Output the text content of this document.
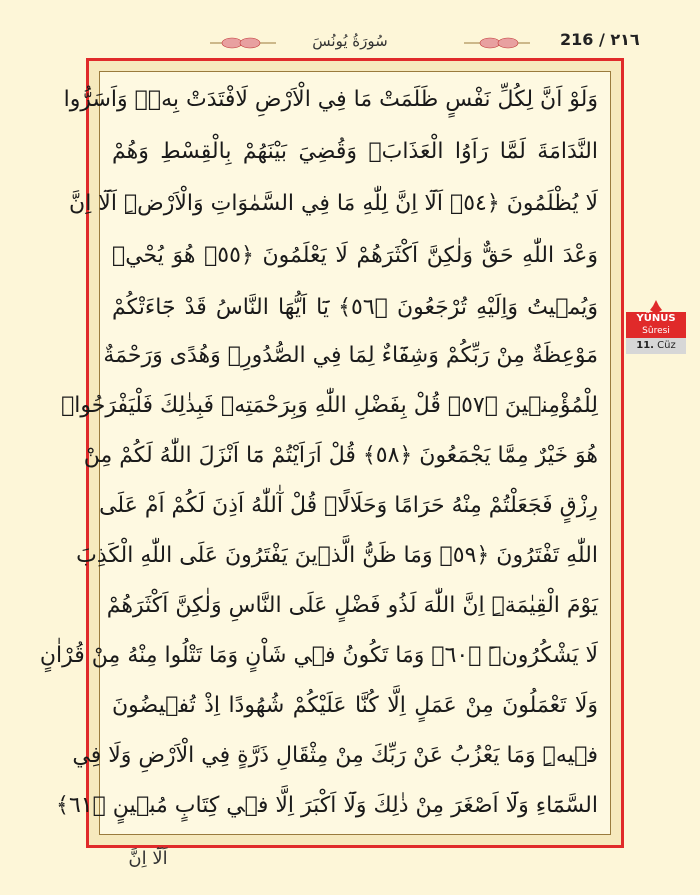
216 / ٢١٦
سُورَةُ يُونُسَ
وَلَوْ اَنَّ لِكُلِّ نَفْسٍ ظَلَمَتْ مَا فِي الْاَرْضِ لَافْتَدَتْ بِه۪ۜ وَاَسَرُّوا
النَّدَامَةَ لَمَّا رَاَوُا الْعَذَابَۚ وَقُضِيَ بَيْنَهُمْ بِالْقِسْطِ وَهُمْ
لَا يُظْلَمُونَ ﴿٥٤﴾ اَلَٓا اِنَّ لِلّٰهِ مَا فِي السَّمٰوَاتِ وَالْاَرْضِۜ اَلَٓا اِنَّ
وَعْدَ اللّٰهِ حَقٌّ وَلٰكِنَّ اَكْثَرَهُمْ لَا يَعْلَمُونَ ﴿٥٥﴾ هُوَ يُحْي۪
وَيُم۪يتُ وَاِلَيْهِ تُرْجَعُونَ ﴿٥٦﴾ يَٓا اَيُّهَا النَّاسُ قَدْ جَٓاءَتْكُمْ
مَوْعِظَةٌ مِنْ رَبِّكُمْ وَشِفَٓاءٌ لِمَا فِي الصُّدُورِۙ وَهُدًى وَرَحْمَةٌ
لِلْمُؤْمِن۪ينَ ﴿٥٧﴾ قُلْ بِفَضْلِ اللّٰهِ وَبِرَحْمَتِه۪ فَبِذٰلِكَ فَلْيَفْرَحُواۜ
هُوَ خَيْرٌ مِمَّا يَجْمَعُونَ ﴿٥٨﴾ قُلْ اَرَاَيْتُمْ مَٓا اَنْزَلَ اللّٰهُ لَكُمْ مِنْ
رِزْقٍ فَجَعَلْتُمْ مِنْهُ حَرَامًا وَحَلَالًاۜ قُلْ آٰللّٰهُ اَذِنَ لَكُمْ اَمْ عَلَى
اللّٰهِ تَفْتَرُونَ ﴿٥٩﴾ وَمَا ظَنُّ الَّذ۪ينَ يَفْتَرُونَ عَلَى اللّٰهِ الْكَذِبَ
يَوْمَ الْقِيٰمَةِۜ اِنَّ اللّٰهَ لَذُو فَضْلٍ عَلَى النَّاسِ وَلٰكِنَّ اَكْثَرَهُمْ
لَا يَشْكُرُونَۜ ﴿٦٠﴾ وَمَا تَكُونُ ف۪ي شَاْنٍ وَمَا تَتْلُوا مِنْهُ مِنْ قُرْاٰنٍ
وَلَا تَعْمَلُونَ مِنْ عَمَلٍ اِلَّا كُنَّا عَلَيْكُمْ شُهُودًا اِذْ تُف۪يضُونَ
ف۪يهِۜ وَمَا يَعْزُبُ عَنْ رَبِّكَ مِنْ مِثْقَالِ ذَرَّةٍ فِي الْاَرْضِ وَلَا فِي
السَّمَٓاءِ وَلَٓا اَصْغَرَ مِنْ ذٰلِكَ وَلَٓا اَكْبَرَ اِلَّا ف۪ي كِتَابٍ مُب۪ينٍ ﴿٦١﴾
اَلَٓا اِنَّ
YÛNUS
Sûresi
11. Cüz
